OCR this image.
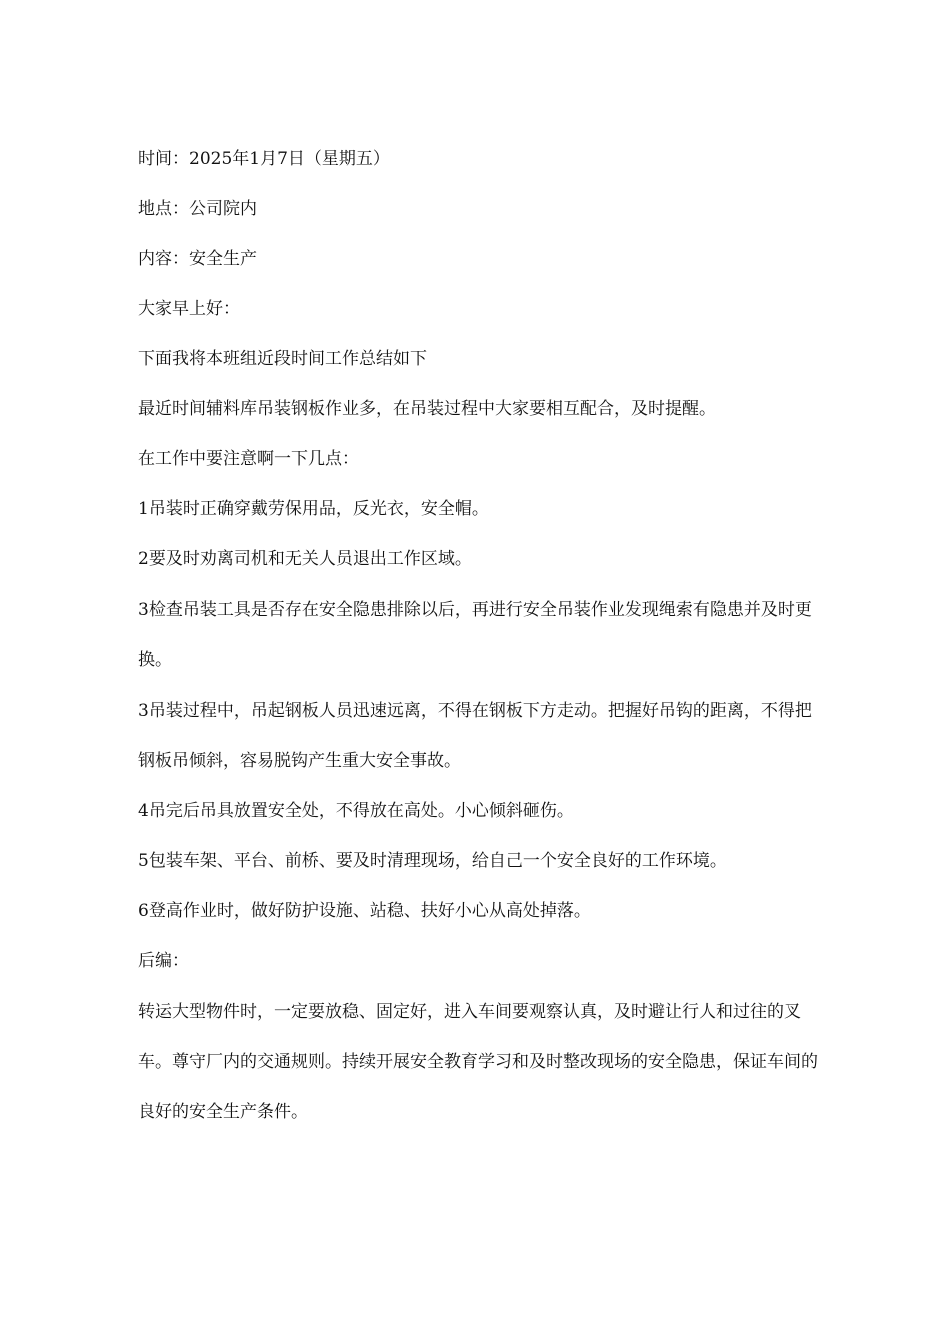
时间：2025年1月7日（星期五）

地点：公司院内

内容：安全生产

大家早上好：

下面我将本班组近段时间工作总结如下

最近时间辅料库吊装钢板作业多，在吊装过程中大家要相互配合，及时提醒。

在工作中要注意啊一下几点：

1吊装时正确穿戴劳保用品，反光衣，安全帽。

2要及时劝离司机和无关人员退出工作区域。

3检查吊装工具是否存在安全隐患排除以后，再进行安全吊装作业发现绳索有隐患并及时更换。

3吊装过程中，吊起钢板人员迅速远离，不得在钢板下方走动。把握好吊钩的距离，不得把钢板吊倾斜，容易脱钩产生重大安全事故。

4吊完后吊具放置安全处，不得放在高处。小心倾斜砸伤。

5包装车架、平台、前桥、要及时清理现场，给自己一个安全良好的工作环境。

6登高作业时，做好防护设施、站稳、扶好小心从高处掉落。

后编：

转运大型物件时，一定要放稳、固定好，进入车间要观察认真，及时避让行人和过往的叉车。尊守厂内的交通规则。持续开展安全教育学习和及时整改现场的安全隐患，保证车间的良好的安全生产条件。
